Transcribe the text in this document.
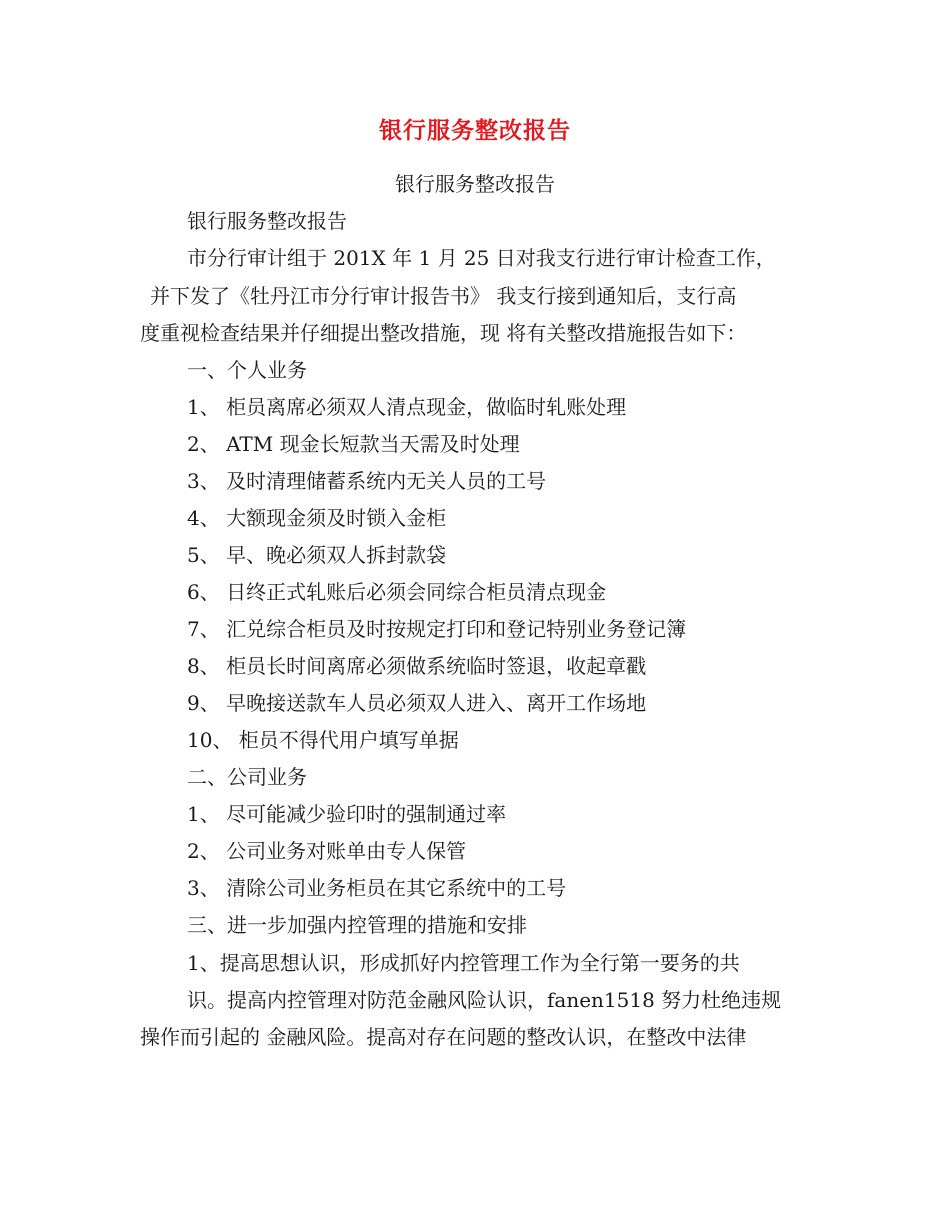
银行服务整改报告

银行服务整改报告

银行服务整改报告

市分行审计组于 201X 年 1 月 25 日对我支行进行审计检查工作，

并下发了《牡丹江市分行审计报告书》 我支行接到通知后，支行高

度重视检查结果并仔细提出整改措施，现 将有关整改措施报告如下：

一、个人业务

1、 柜员离席必须双人清点现金，做临时轧账处理

2、 ATM 现金长短款当天需及时处理

3、 及时清理储蓄系统内无关人员的工号

4、 大额现金须及时锁入金柜

5、 早、晚必须双人拆封款袋

6、 日终正式轧账后必须会同综合柜员清点现金

7、 汇兑综合柜员及时按规定打印和登记特别业务登记簿

8、 柜员长时间离席必须做系统临时签退，收起章戳

9、 早晚接送款车人员必须双人进入、离开工作场地

10、 柜员不得代用户填写单据

二、公司业务

1、 尽可能减少验印时的强制通过率

2、 公司业务对账单由专人保管

3、 清除公司业务柜员在其它系统中的工号

三、进一步加强内控管理的措施和安排

1、提高思想认识，形成抓好内控管理工作为全行第一要务的共

识。提高内控管理对防范金融风险认识，fanen1518 努力杜绝违规

操作而引起的 金融风险。提高对存在问题的整改认识，在整改中法律
